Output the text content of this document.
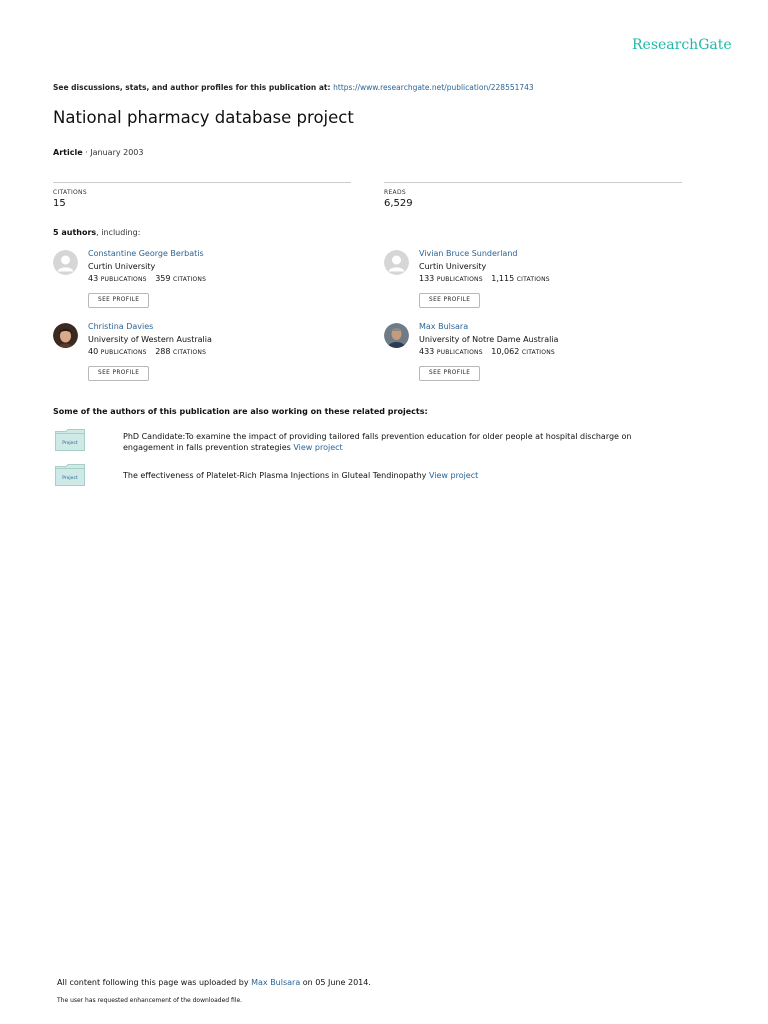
ResearchGate
See discussions, stats, and author profiles for this publication at: https://www.researchgate.net/publication/228551743
National pharmacy database project
Article · January 2003
CITATIONS
15
READS
6,529
5 authors, including:
Constantine George Berbatis
Curtin University
43 PUBLICATIONS 359 CITATIONS
SEE PROFILE
Vivian Bruce Sunderland
Curtin University
133 PUBLICATIONS 1,115 CITATIONS
SEE PROFILE
Christina Davies
University of Western Australia
40 PUBLICATIONS 288 CITATIONS
SEE PROFILE
Max Bulsara
University of Notre Dame Australia
433 PUBLICATIONS 10,062 CITATIONS
SEE PROFILE
Some of the authors of this publication are also working on these related projects:
Project
PhD Candidate:To examine the impact of providing tailored falls prevention education for older people at hospital discharge on engagement in falls prevention strategies View project
Project	The effectiveness of Platelet-Rich Plasma Injections in Gluteal Tendinopathy View project
All content following this page was uploaded by Max Bulsara on 05 June 2014.
The user has requested enhancement of the downloaded file.
